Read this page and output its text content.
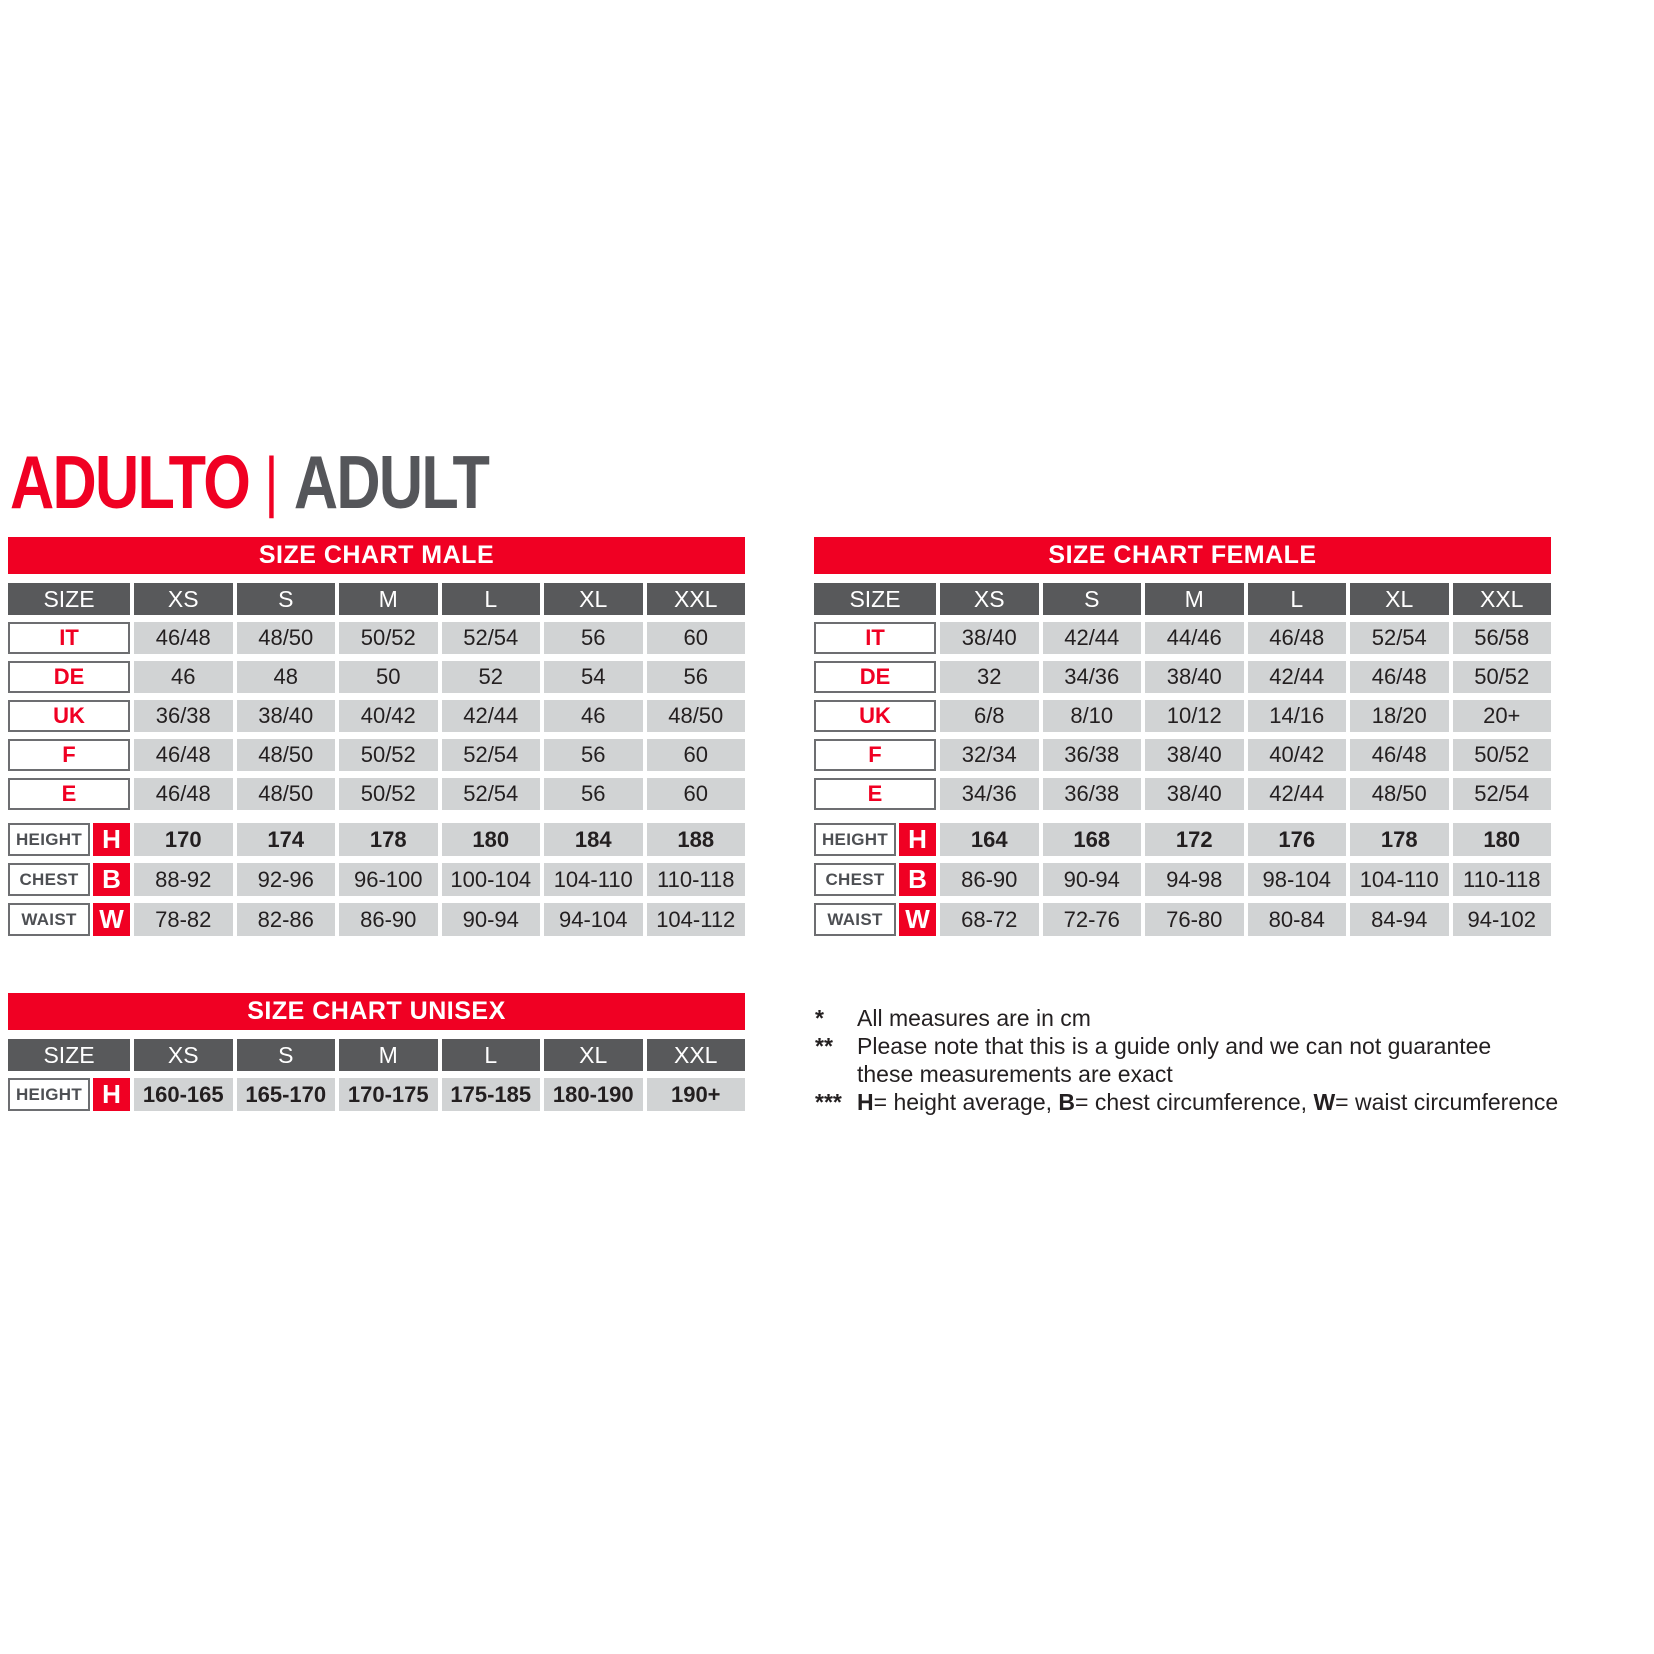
ADULTO | ADULT
SIZE CHART MALE
SIZE	XS	S	M	L	XL	XXL
IT	46/48	48/50	50/52	52/54	56	60
DE	46	48	50	52	54	56
UK	36/38	38/40	40/42	42/44	46	48/50
F	46/48	48/50	50/52	52/54	56	60
E	46/48	48/50	50/52	52/54	56	60
HEIGHT H	170	174	178	180	184	188
CHEST B	88-92	92-96	96-100	100-104	104-110	110-118
WAIST W	78-82	82-86	86-90	90-94	94-104	104-112
SIZE CHART FEMALE
SIZE	XS	S	M	L	XL	XXL
IT	38/40	42/44	44/46	46/48	52/54	56/58
DE	32	34/36	38/40	42/44	46/48	50/52
UK	6/8	8/10	10/12	14/16	18/20	20+
F	32/34	36/38	38/40	40/42	46/48	50/52
E	34/36	36/38	38/40	42/44	48/50	52/54
HEIGHT H	164	168	172	176	178	180
CHEST B	86-90	90-94	94-98	98-104	104-110	110-118
WAIST W	68-72	72-76	76-80	80-84	84-94	94-102
SIZE CHART UNISEX
SIZE	XS	S	M	L	XL	XXL
HEIGHT H 160-165 165-170 170-175 175-185 180-190	190+
*	All measures are in cm
**	Please note that this is a guide only and we can not guarantee
these measurements are exact
*** H= height average, B= chest circumference, W= waist circumference
